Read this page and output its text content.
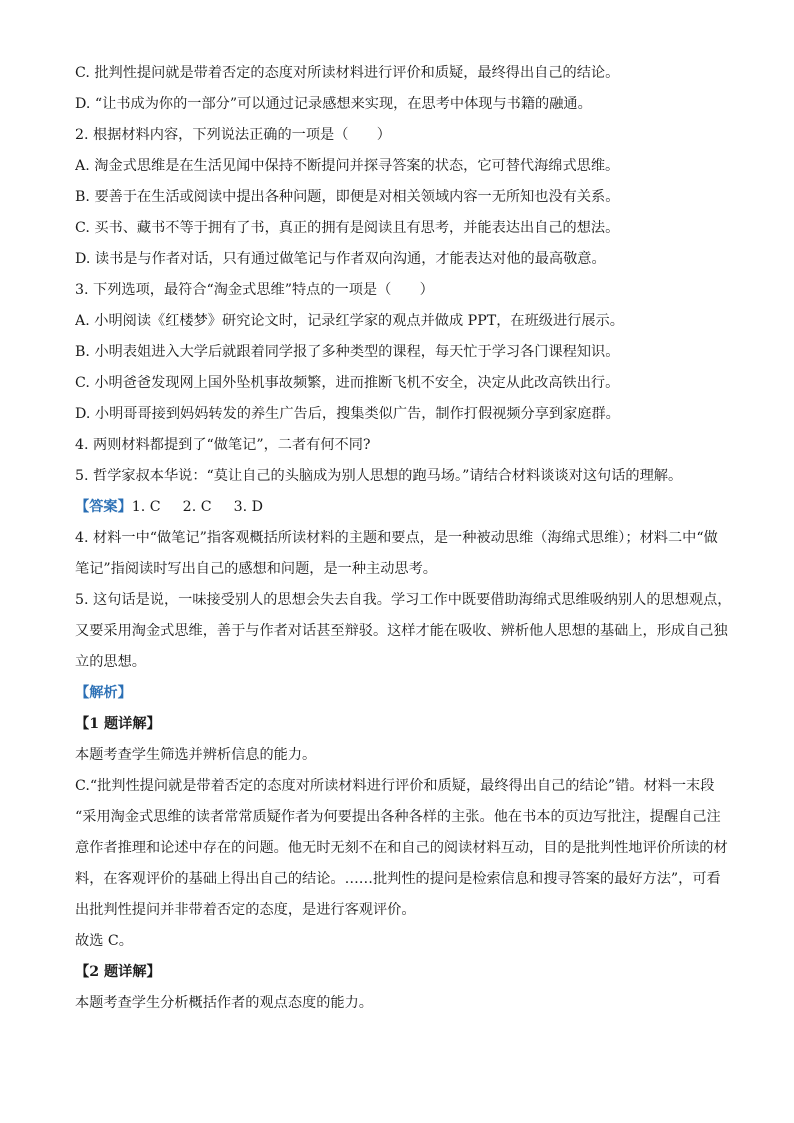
C. 批判性提问就是带着否定的态度对所读材料进行评价和质疑，最终得出自己的结论。
D. “让书成为你的一部分”可以通过记录感想来实现，在思考中体现与书籍的融通。
2. 根据材料内容，下列说法正确的一项是（　　）
A. 淘金式思维是在生活见闻中保持不断提问并探寻答案的状态，它可替代海绵式思维。
B. 要善于在生活或阅读中提出各种问题，即便是对相关领域内容一无所知也没有关系。
C. 买书、藏书不等于拥有了书，真正的拥有是阅读且有思考，并能表达出自己的想法。
D. 读书是与作者对话，只有通过做笔记与作者双向沟通，才能表达对他的最高敬意。
3. 下列选项，最符合“淘金式思维”特点的一项是（　　）
A. 小明阅读《红楼梦》研究论文时，记录红学家的观点并做成 PPT，在班级进行展示。
B. 小明表姐进入大学后就跟着同学报了多种类型的课程，每天忙于学习各门课程知识。
C. 小明爸爸发现网上国外坠机事故频繁，进而推断飞机不安全，决定从此改高铁出行。
D. 小明哥哥接到妈妈转发的养生广告后，搜集类似广告，制作打假视频分享到家庭群。
4. 两则材料都提到了“做笔记”，二者有何不同?
5. 哲学家叔本华说：“莫让自己的头脑成为别人思想的跑马场。”请结合材料谈谈对这句话的理解。
【答案】1. C 2. C 3. D
4. 材料一中“做笔记”指客观概括所读材料的主题和要点，是一种被动思维（海绵式思维）；材料二中“做
笔记”指阅读时写出自己的感想和问题，是一种主动思考。
5. 这句话是说，一味接受别人的思想会失去自我。学习工作中既要借助海绵式思维吸纳别人的思想观点，
又要采用淘金式思维，善于与作者对话甚至辩驳。这样才能在吸收、辨析他人思想的基础上，形成自己独
立的思想。
【解析】
【1 题详解】
本题考查学生筛选并辨析信息的能力。
C.“批判性提问就是带着否定的态度对所读材料进行评价和质疑，最终得出自己的结论”错。材料一末段
“采用淘金式思维的读者常常质疑作者为何要提出各种各样的主张。他在书本的页边写批注，提醒自己注
意作者推理和论述中存在的问题。他无时无刻不在和自己的阅读材料互动，目的是批判性地评价所读的材
料，在客观评价的基础上得出自己的结论。……批判性的提问是检索信息和搜寻答案的最好方法”，可看
出批判性提问并非带着否定的态度，是进行客观评价。
故选 C。
【2 题详解】
本题考查学生分析概括作者的观点态度的能力。
